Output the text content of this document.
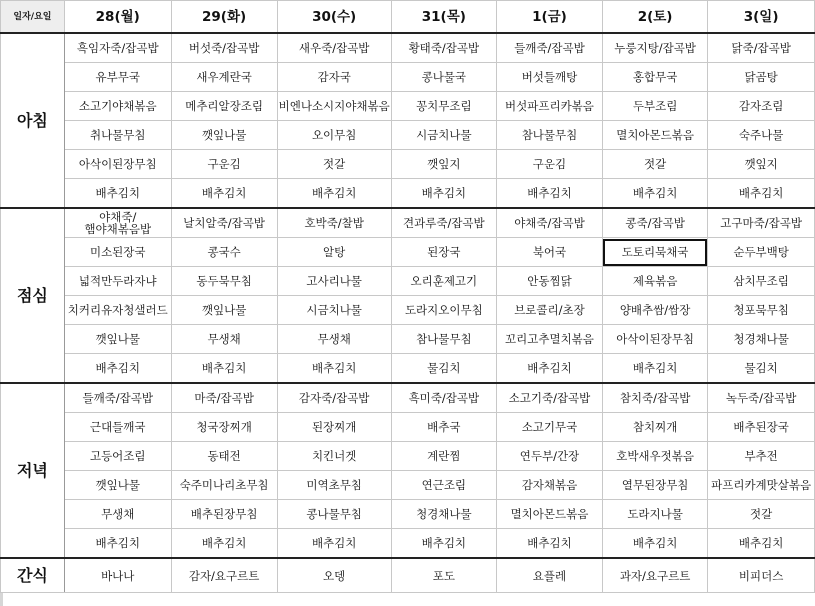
일자/요일	28(월)	29(화)	30(수)	31(목)	1(금)	2(토)	3(일)
아침	흑임자죽/잡곡밥	버섯죽/잡곡밥	새우죽/잡곡밥	황태죽/잡곡밥	들깨죽/잡곡밥	누룽지탕/잡곡밥	닭죽/잡곡밥
	유부무국	새우계란국	감자국	콩나물국	버섯들깨탕	홍합무국	닭곰탕
	소고기야채볶음	메추리알장조림	비엔나소시지야채볶음	꽁치무조림	버섯파프리카볶음	두부조림	감자조림
	취나물무침	깻잎나물	오이무침	시금치나물	참나물무침	멸치아몬드볶음	숙주나물
	아삭이된장무침	구운김	젓갈	깻잎지	구운김	젓갈	깻잎지
	배추김치	배추김치	배추김치	배추김치	배추김치	배추김치	배추김치
점심	야채죽/햄야채볶음밥	날치알죽/잡곡밥	호박죽/찰밥	견과루죽/잡곡밥	야채죽/잡곡밥	콩죽/잡곡밥	고구마죽/잡곡밥
	미소된장국	콩국수	알탕	된장국	북어국	도토리묵채국	순두부백탕
	넓적만두라자냐	동두묵무침	고사리나물	오리훈제고기	안동찜닭	제육볶음	삼치무조림
	치커리유자청샐러드	깻잎나물	시금치나물	도라지오이무침	브로콜리/초장	양배추쌈/쌈장	청포묵무침
	깻잎나물	무생채	무생채	참나물무침	꼬리고추멸치볶음	아삭이된장무침	청경채나물
	배추김치	배추김치	배추김치	물김치	배추김치	배추김치	물김치
저녁	들깨죽/잡곡밥	마죽/잡곡밥	감자죽/잡곡밥	흑미죽/잡곡밥	소고기죽/잡곡밥	참치죽/잡곡밥	녹두죽/잡곡밥
	근대들깨국	청국장찌개	된장찌개	배추국	소고기무국	참치찌개	배추된장국
	고등어조림	동태전	치킨너겟	계란찜	연두부/간장	호박새우젓볶음	부추전
	깻잎나물	숙주미나리초무침	미역초무침	연근조림	감자채볶음	열무된장무침	파프리카계맛살볶음
	무생채	배추된장무침	콩나물무침	청경채나물	멸치아몬드볶음	도라지나물	젓갈
	배추김치	배추김치	배추김치	배추김치	배추김치	배추김치	배추김치
간식	바나나	감자/요구르트	오뎅	포도	요플레	과자/요구르트	비피더스
